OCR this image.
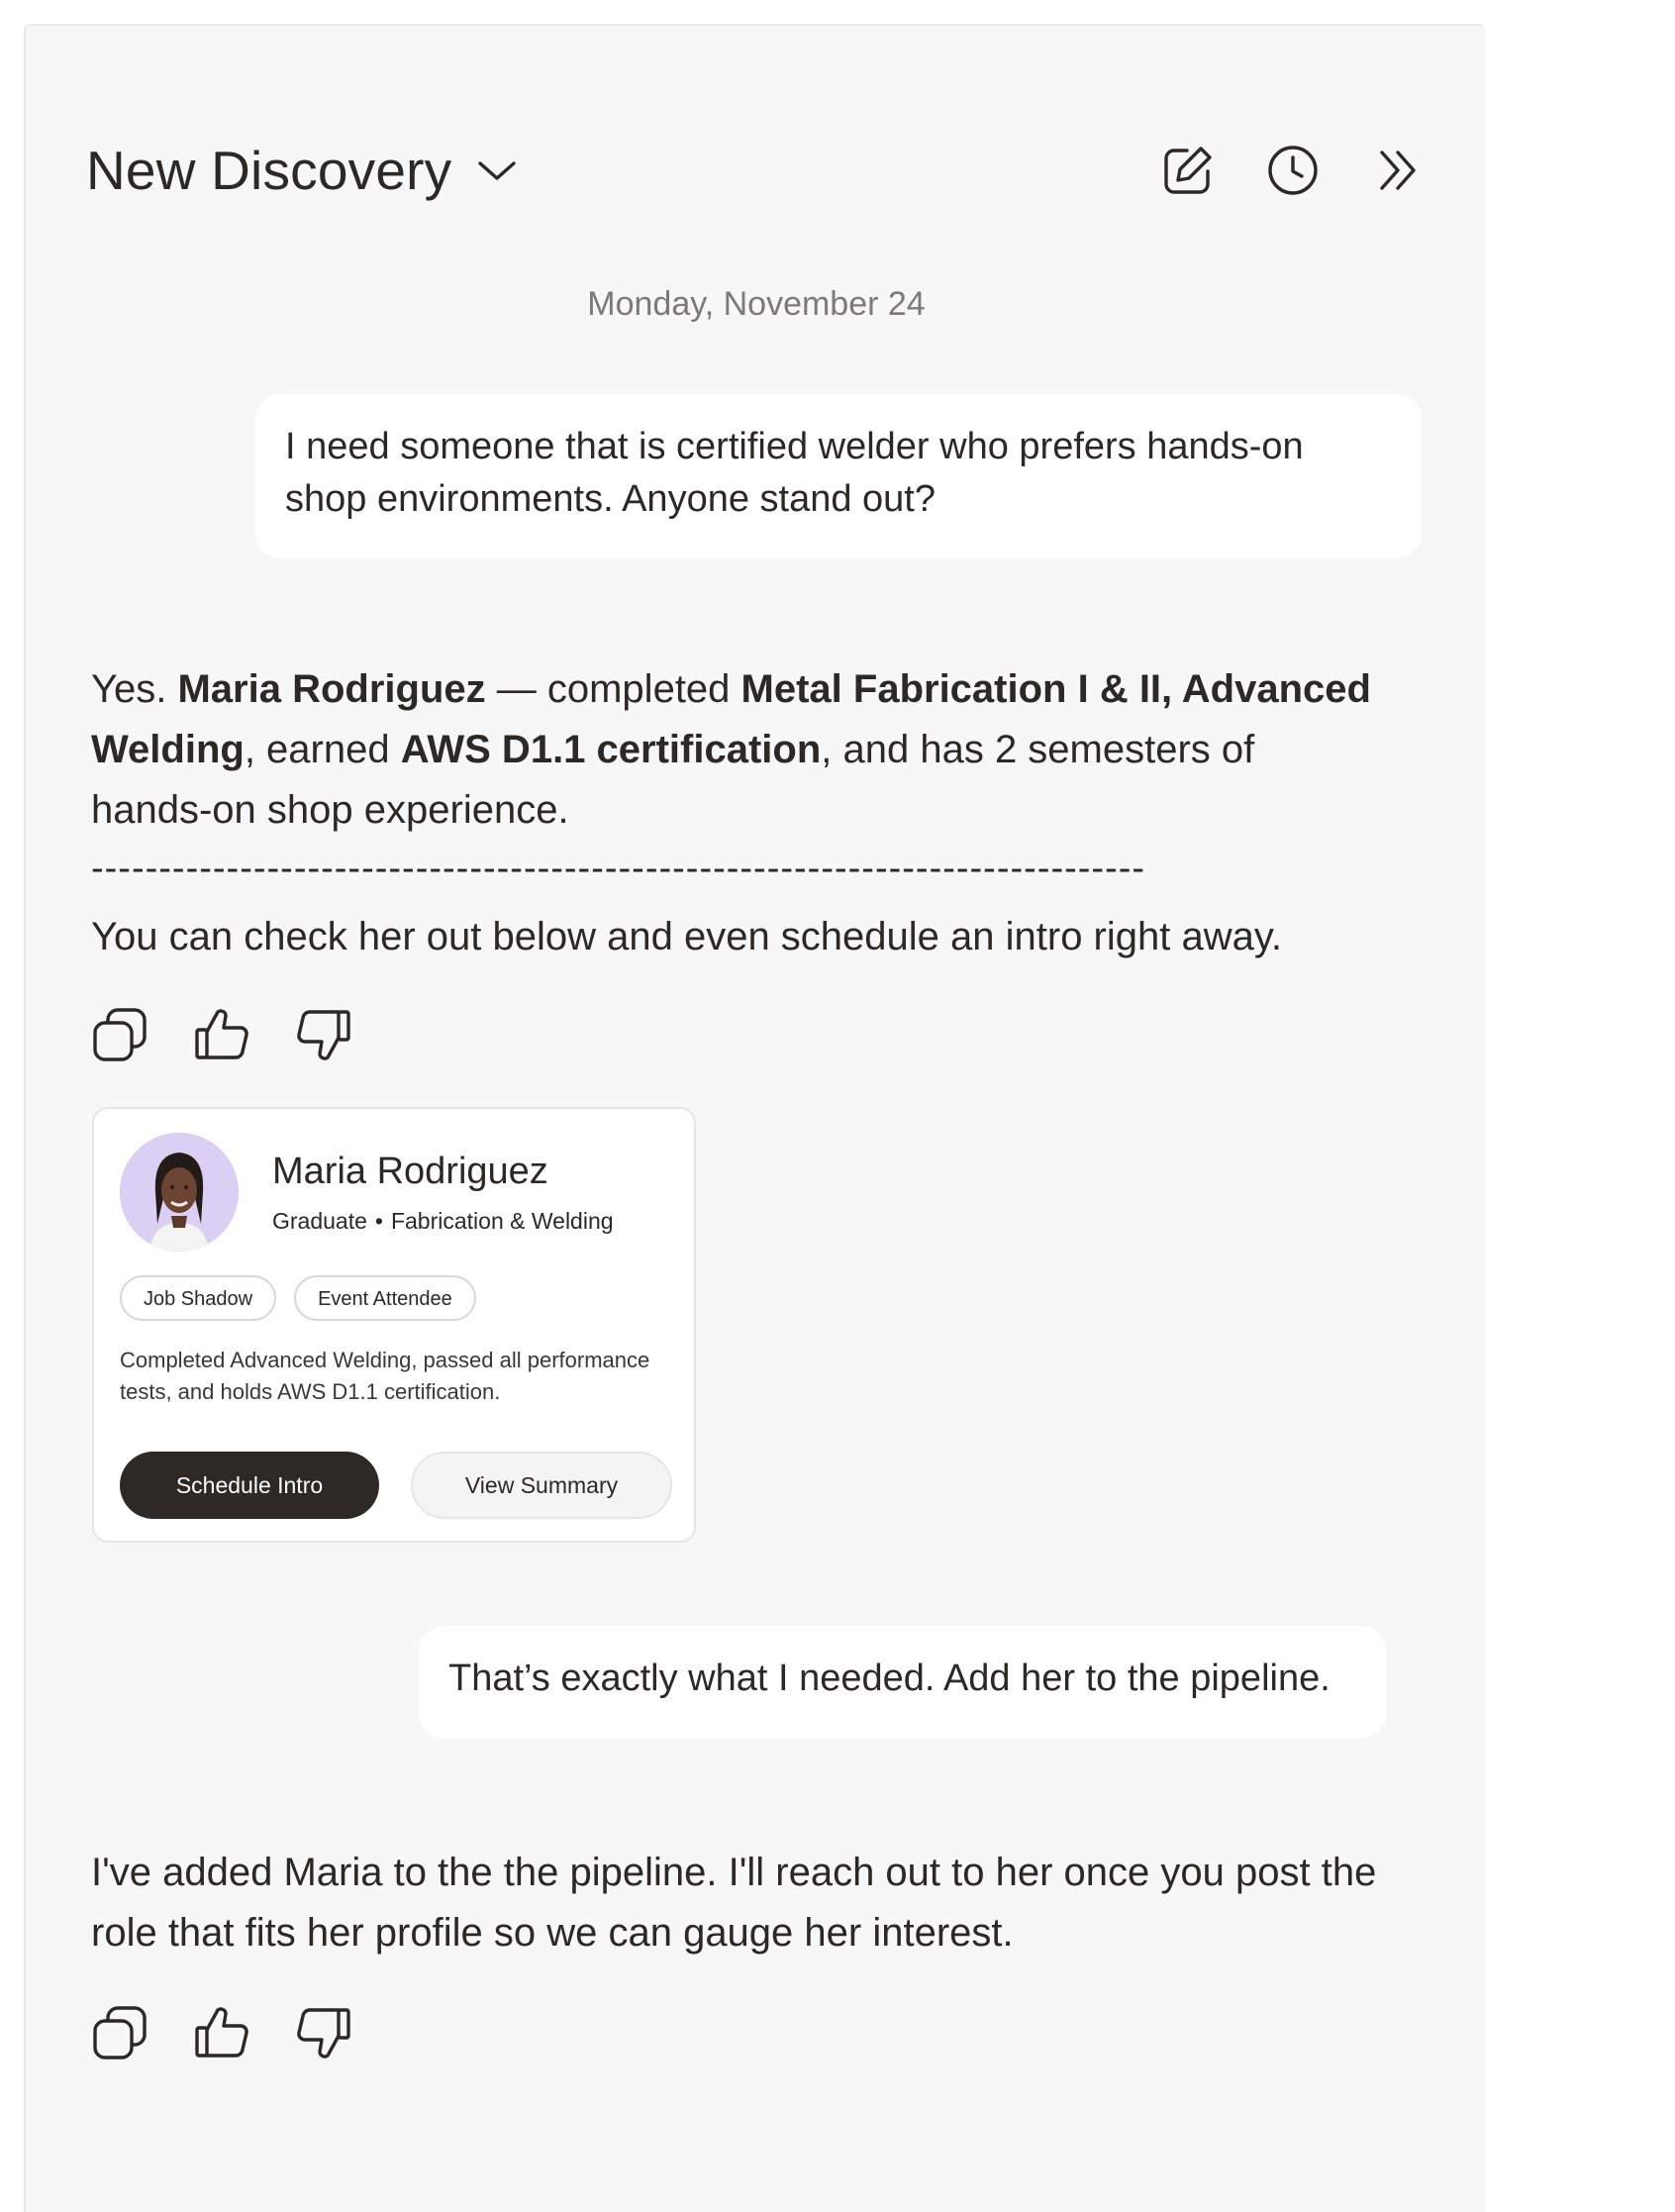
New Discovery
Monday, November 24
I need someone that is certified welder who prefers hands-on shop environments. Anyone stand out?
Yes. Maria Rodriguez — completed Metal Fabrication I & II, Advanced Welding, earned AWS D1.1 certification, and has 2 semesters of hands-on shop experience.
------------------------------------------------------------------------------
You can check her out below and even schedule an intro right away.
Maria Rodriguez
Graduate • Fabrication & Welding
Job Shadow	Event Attendee
Completed Advanced Welding, passed all performance tests, and holds AWS D1.1 certification.
Schedule Intro	View Summary
That’s exactly what I needed. Add her to the pipeline.
I've added Maria to the the pipeline. I'll reach out to her once you post the role that fits her profile so we can gauge her interest.
